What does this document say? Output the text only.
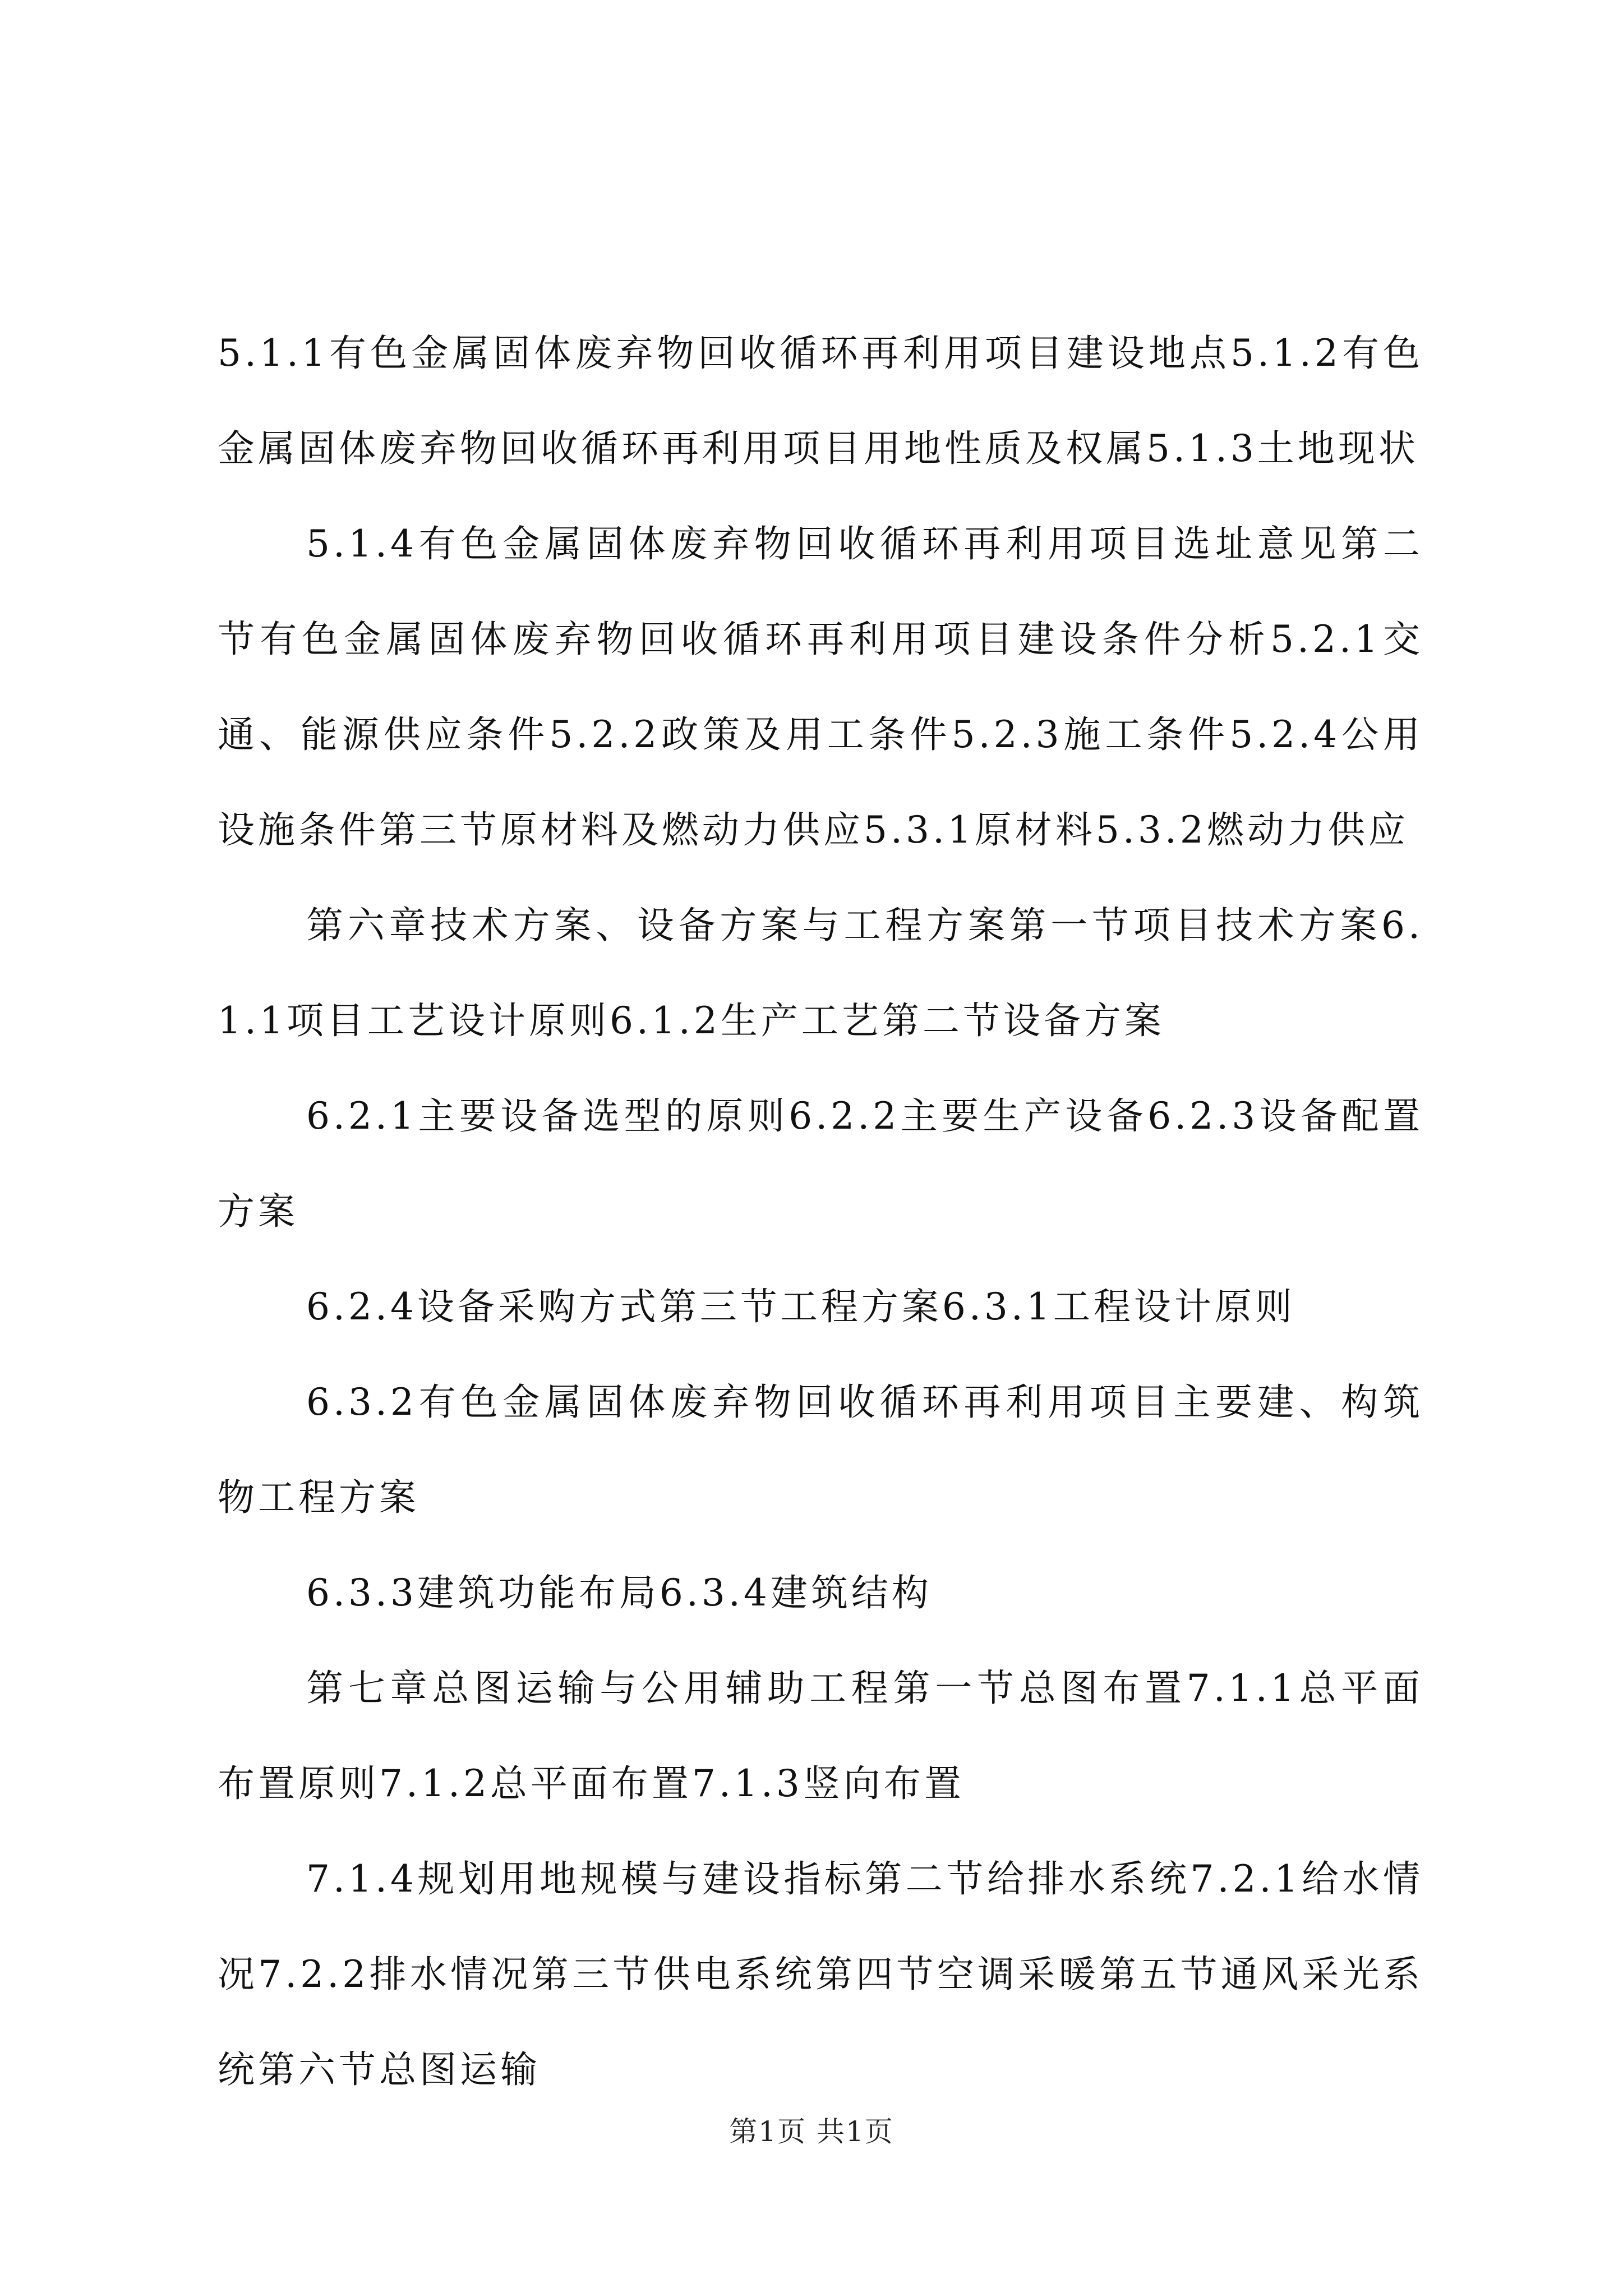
5.1.1有色金属固体废弃物回收循环再利用项目建设地点5.1.2有色金属固体废弃物回收循环再利用项目用地性质及权属5.1.3土地现状

5.1.4有色金属固体废弃物回收循环再利用项目选址意见第二节有色金属固体废弃物回收循环再利用项目建设条件分析5.2.1交通、能源供应条件5.2.2政策及用工条件5.2.3施工条件5.2.4公用设施条件第三节原材料及燃动力供应5.3.1原材料5.3.2燃动力供应

第六章技术方案、设备方案与工程方案第一节项目技术方案6.1.1项目工艺设计原则6.1.2生产工艺第二节设备方案

6.2.1主要设备选型的原则6.2.2主要生产设备6.2.3设备配置方案

6.2.4设备采购方式第三节工程方案6.3.1工程设计原则

6.3.2有色金属固体废弃物回收循环再利用项目主要建、构筑物工程方案

6.3.3建筑功能布局6.3.4建筑结构

第七章总图运输与公用辅助工程第一节总图布置7.1.1总平面布置原则7.1.2总平面布置7.1.3竖向布置

7.1.4规划用地规模与建设指标第二节给排水系统7.2.1给水情况7.2.2排水情况第三节供电系统第四节空调采暖第五节通风采光系统第六节总图运输

第1页 共1页
